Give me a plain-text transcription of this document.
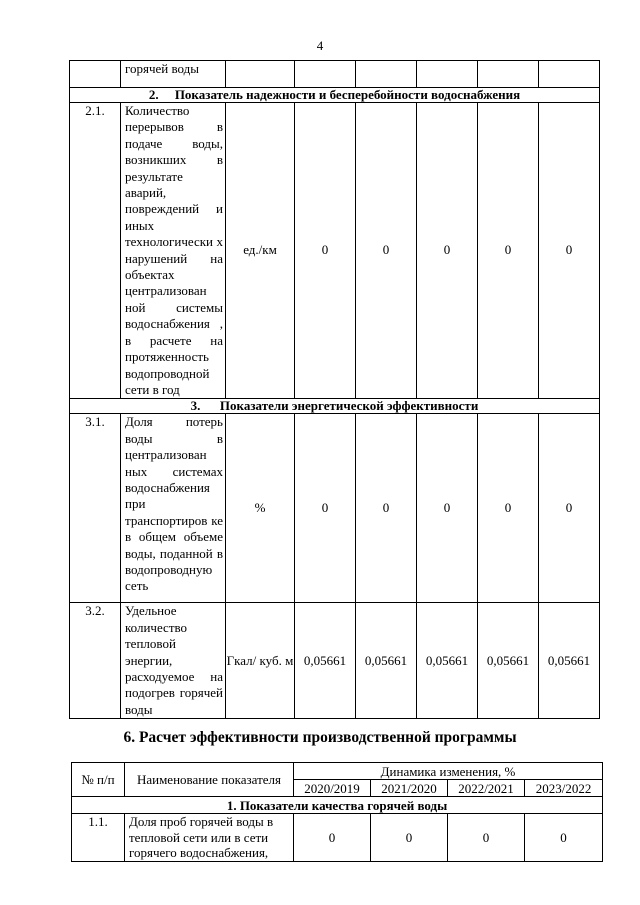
4
	горячей воды						
2.     Показатель надежности и бесперебойности водоснабжения							
2.1.	Количество перерывов в подаче воды, возникших в результате аварий, повреждений и иных технологически х нарушений на объектах централизован ной системы водоснабжения , в расчете на протяженность водопроводной сети в год	ед./км	0	0	0	0	0
3.      Показатели энергетической эффективности							
3.1.	Доля потерь воды в централизован ных системах водоснабжения при транспортиров ке в общем объеме воды, поданной в водопроводную сеть	%	0	0	0	0	0
3.2.	Удельное количество тепловой энергии, расходуемое на подогрев горячей воды	Гкал/ куб. м	0,05661	0,05661	0,05661	0,05661	0,05661
6. Расчет эффективности производственной программы
№ п/п	Наименование показателя	Динамика изменения, %			
		2020/2019	2021/2020	2022/2021	2023/2022
1. Показатели качества горячей воды					
1.1.	Доля проб горячей воды в тепловой сети или в сети горячего водоснабжения,	0	0	0	0
